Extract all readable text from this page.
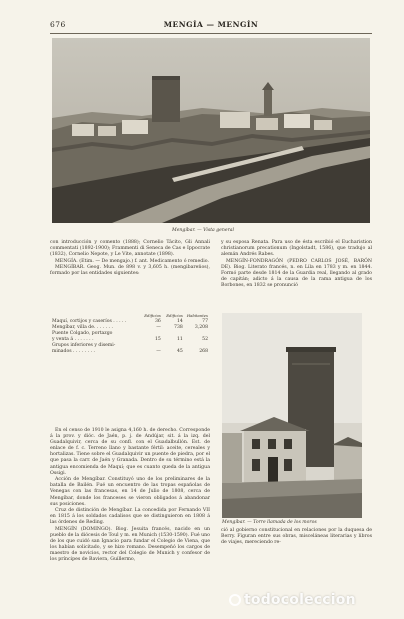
676	MENGÍA — MENGÍN
Mengíbar. — Vista general

con introducción y comento (1888); Cornelio Tácito, Gli Annali commentati (1892-1900); Frammenti di Seneca de Cas e Ippocrate (1832), Cornelio Nepote, y Le Vite, annotate (1898).

MENGÍA. (Etim. — De mengajo.) f. ant. Medicamento ó remedio.

MENGÍBAR. Geog. Mun. de 898 v. y 3,605 h. (mengibareños), formado por las entidades siguientes:

	Edificios	Edificios	Habitantes
Maquí, cortijos y caseríos . . . . .	36	14	77
Mengíbar, villa de. . . . . . .	—	738	3,208
Puente Colgado, portazgo			
y venta á . . . . . . .	15	11	52
Grupos inferiores y disemi-			
minados . . . . . . . .	—	45	268

En el censo de 1910 le asigna 4,160 h. de derecho. Corresponde á la prov. y dióc. de Jaén, p. j. de Andújar, sit. á la izq. del Guadalquivir, cerca de su confl. con el Guadalbullón. Est. de enlace de f. c. Terreno llano y bastante fértil: aceite, cereales y hortalizas. Tiene sobre el Guadalquivir un puente de piedra, por el que pasa la carr. de Jaén y Granada. Dentro de su término está la antigua encomienda de Maquí; que es cuanto queda de la antigua Ossigi.

Acción de Mengíbar. Constituyó uno de los preliminares de la batalla de Bailén. Fué un encuentro de las tropas españolas de Venegas con las francesas, en 14 de Julio de 1808, cerca de Mengíbar, donde los franceses se vieron obligados á abandonar sus posiciones.

Cruz de distinción de Mengíbar. La concedida por Fernando VII en 1815 á los soldados cadalisos que se distinguieron en 1808 á las órdenes de Reding.

MENGÍN (DOMINGO). Biog. Jesuita francés, nacido en un pueblo de la diócesis de Toul y m. en Munich (1530-1590). Fué uno de los que cuidó san Ignacio para fundar el Colegio de Viena, que los habían solicitado, y se hizo romano. Desempeñó los cargos de maestro de novicios, rector del Colegio de Munich y confesor de los príncipes de Baviera, Guillermo,

y su esposa Renata. Para uso de ésta escribió el Eucharistion christianorum precationum (Ingolstadt, 1586), que tradujo al alemán Andrés Rabes.

MENGÍN-FONDRAGÓN (PEDRO CARLOS JOSÉ, BARÓN DE). Biog. Literato francés, n. en Lila en 1783 y m. en 1844. Formó parte desde 1814 de la Guardia real, llegando al grado de capitán; adicto á la causa de la rama antigua de los Borbones, en 1832 se pronunció

Mengíbar. — Torre llamada de los moros

ció al gobierno constitucional en relaciones por la duquesa de Berry. Figuran entre sus obras, misceláneas literarias y libros de viajes, mereciendo re-

todocoleccion
